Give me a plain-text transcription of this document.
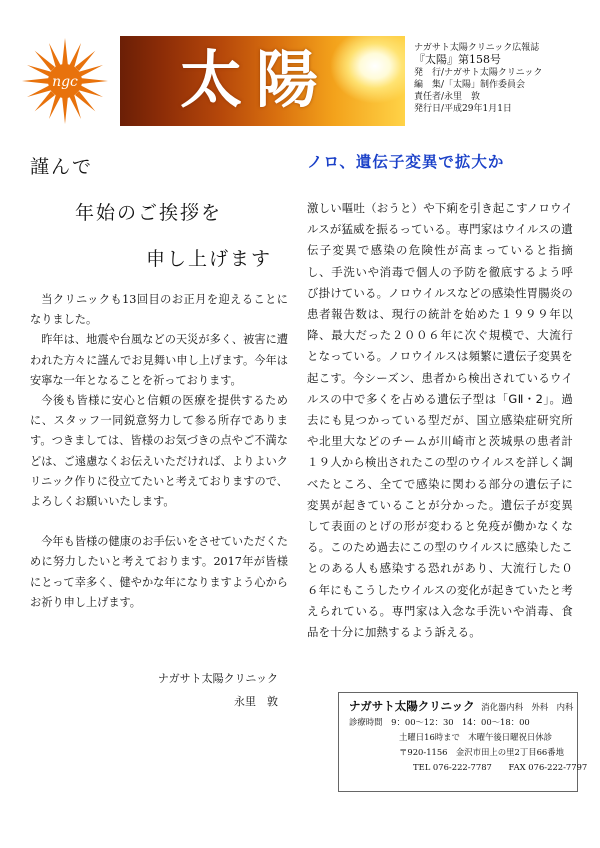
ngc 太陽	ナガサト太陽クリニック広報誌
『太陽』第158号
発　行/ナガサト太陽クリニック
編　集/「太陽」制作委員会
責任者/永里　敦
発行日/平成29年1月1日
謹んで
年始のご挨拶を
申し上げます

当クリニックも13回目のお正月を迎えることになりました。

昨年は、地震や台風などの天災が多く、被害に遭われた方々に謹んでお見舞い申し上げます。今年は安寧な一年となることを祈っております。

今後も皆様に安心と信頼の医療を提供するために、スタッフ一同鋭意努力して参る所存であります。つきましては、皆様のお気づきの点やご不満などは、ご遠慮なくお伝えいただければ、よりよいクリニック作りに役立てたいと考えておりますので、よろしくお願いいたします。

今年も皆様の健康のお手伝いをさせていただくために努力したいと考えております。2017年が皆様にとって幸多く、健やかな年になりますよう心からお祈り申し上げます。

ナガサト太陽クリニック
永里　敦
ノロ、遺伝子変異で拡大か

激しい嘔吐（おうと）や下痢を引き起こすノロウイルスが猛威を振るっている。専門家はウイルスの遺伝子変異で感染の危険性が高まっていると指摘し、手洗いや消毒で個人の予防を徹底するよう呼び掛けている。ノロウイルスなどの感染性胃腸炎の患者報告数は、現行の統計を始めた１９９９年以降、最大だった２００６年に次ぐ規模で、大流行となっている。ノロウイルスは頻繁に遺伝子変異を起こす。今シーズン、患者から検出されているウイルスの中で多くを占める遺伝子型は「GⅡ・2」。過去にも見つかっている型だが、国立感染症研究所や北里大などのチームが川崎市と茨城県の患者計１９人から検出されたこの型のウイルスを詳しく調べたところ、全てで感染に関わる部分の遺伝子に変異が起きていることが分かった。遺伝子が変異して表面のとげの形が変わると免疫が働かなくなる。このため過去にこの型のウイルスに感染したことのある人も感染する恐れがあり、大流行した０６年にもこうしたウイルスの変化が起きていたと考えられている。専門家は入念な手洗いや消毒、食品を十分に加熱するよう訴える。

ナガサト太陽クリニック 消化器内科　外科　内科
診療時間 9：00～12：30　14：00～18：00
土曜日16時まで　木曜午後日曜祝日休診
〒920-1156　金沢市田上の里2丁目66番地
TEL 076-222-7787 FAX 076-222-7797
